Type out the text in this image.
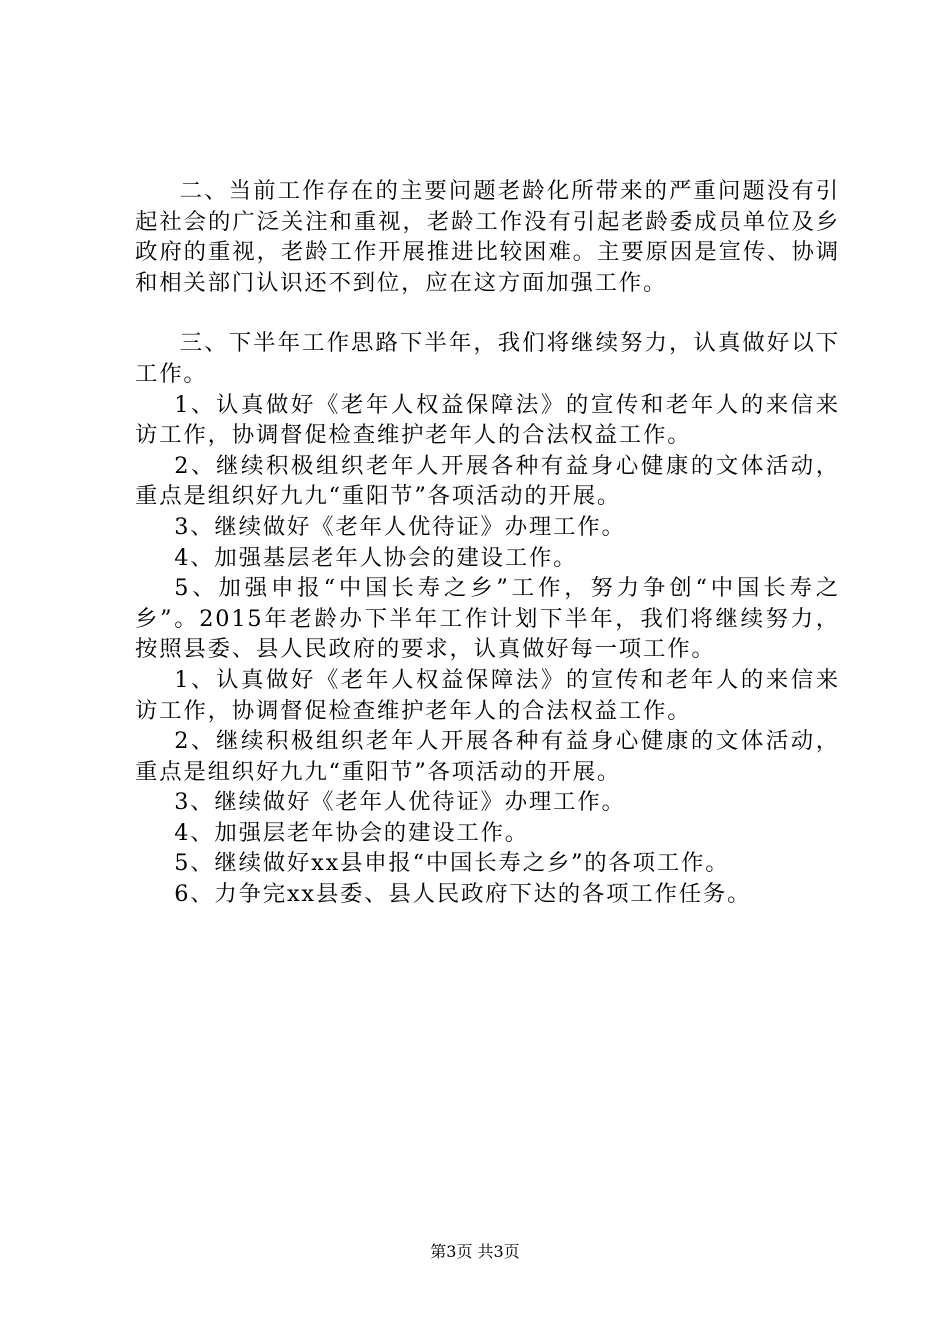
二、当前工作存在的主要问题老龄化所带来的严重问题没有引起社会的广泛关注和重视，老龄工作没有引起老龄委成员单位及乡政府的重视，老龄工作开展推进比较困难。主要原因是宣传、协调和相关部门认识还不到位，应在这方面加强工作。

三、下半年工作思路下半年，我们将继续努力，认真做好以下工作。

1、认真做好《老年人权益保障法》的宣传和老年人的来信来访工作，协调督促检查维护老年人的合法权益工作。

2、继续积极组织老年人开展各种有益身心健康的文体活动，重点是组织好九九“重阳节”各项活动的开展。

3、继续做好《老年人优待证》办理工作。

4、加强基层老年人协会的建设工作。

5、加强申报“中国长寿之乡”工作，努力争创“中国长寿之乡”。2015年老龄办下半年工作计划下半年，我们将继续努力，按照县委、县人民政府的要求，认真做好每一项工作。

1、认真做好《老年人权益保障法》的宣传和老年人的来信来访工作，协调督促检查维护老年人的合法权益工作。

2、继续积极组织老年人开展各种有益身心健康的文体活动，重点是组织好九九“重阳节”各项活动的开展。

3、继续做好《老年人优待证》办理工作。

4、加强层老年协会的建设工作。

5、继续做好xx县申报“中国长寿之乡”的各项工作。

6、力争完xx县委、县人民政府下达的各项工作任务。

第3页 共3页
